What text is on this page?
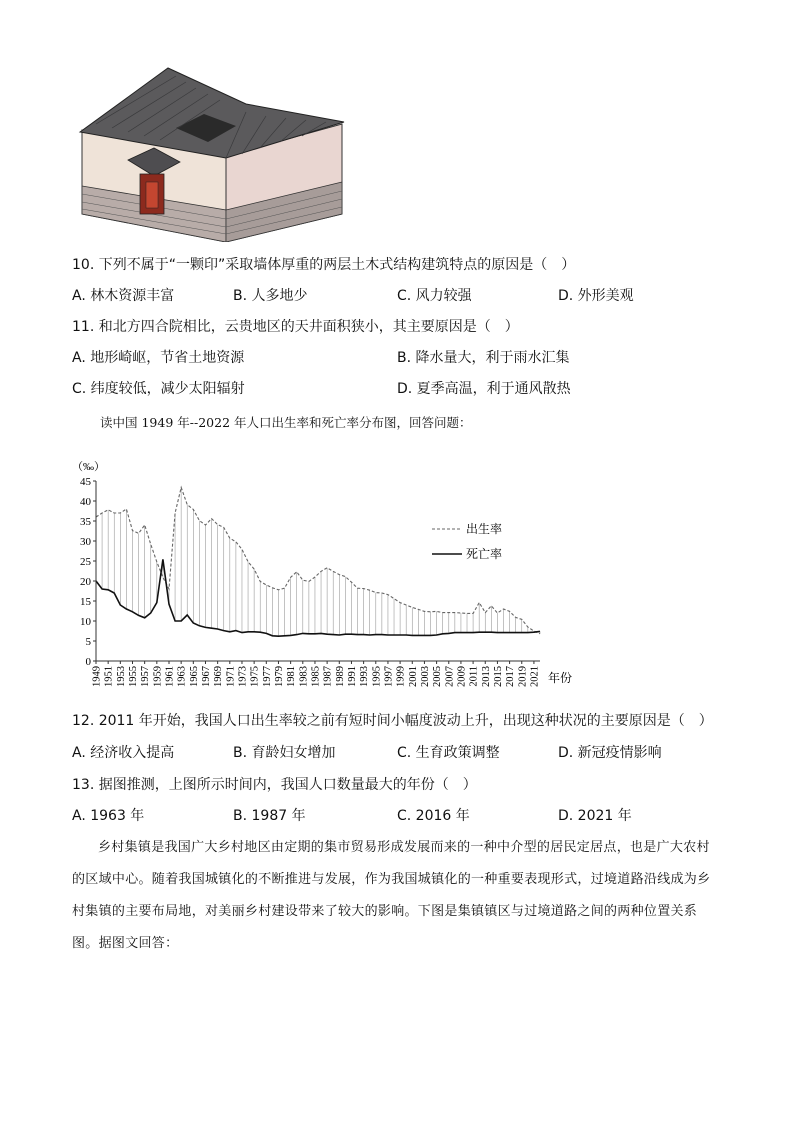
10. 下列不属于“一颗印”采取墙体厚重的两层土木式结构建筑特点的原因是（　）
A. 林木资源丰富	B. 人多地少	C. 风力较强	D. 外形美观
11. 和北方四合院相比，云贵地区的天井面积狭小，其主要原因是（　）
A. 地形崎岖，节省土地资源	B. 降水量大，利于雨水汇集
C. 纬度较低，减少太阳辐射	D. 夏季高温，利于通风散热
读中国 1949 年--2022 年人口出生率和死亡率分布图，回答问题：
（‰）
0
5
10
15
20
25
30
35
40
45
1949 1951 1953 1955 1957 1959 1961 1963 1965 1967 1969 1971 1973 1975 1977 1979 1981 1983 1985 1987 1989 1991 1993 1995 1997 1999 2001 2003 2005 2007 2009 2011 2013 2015 2017 2019 2021 年份
出生率
死亡率
12. 2011 年开始，我国人口出生率较之前有短时间小幅度波动上升，出现这种状况的主要原因是（　）
A. 经济收入提高	B. 育龄妇女增加	C. 生育政策调整	D. 新冠疫情影响
13. 据图推测，上图所示时间内，我国人口数量最大的年份（　）
A. 1963 年	B. 1987 年	C. 2016 年	D. 2021 年
乡村集镇是我国广大乡村地区由定期的集市贸易形成发展而来的一种中介型的居民定居点，也是广大农村的区域中心。随着我国城镇化的不断推进与发展，作为我国城镇化的一种重要表现形式，过境道路沿线成为乡村集镇的主要布局地，对美丽乡村建设带来了较大的影响。下图是集镇镇区与过境道路之间的两种位置关系图。据图文回答：
